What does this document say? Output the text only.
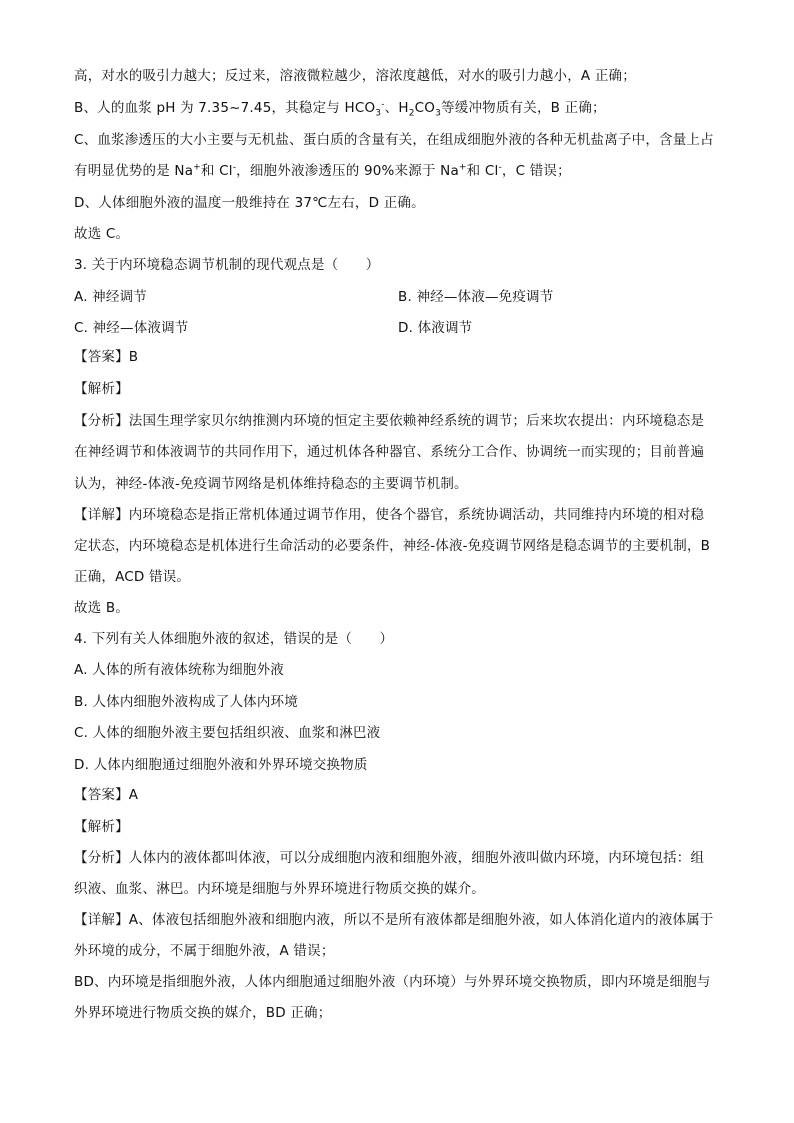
高，对水的吸引力越大；反过来，溶液微粒越少，溶浓度越低，对水的吸引力越小，A 正确；
B、人的血浆 pH 为 7.35~7.45，其稳定与 $HCO_3^-$、$H_2CO_3$等缓冲物质有关，B 正确；
C、血浆渗透压的大小主要与无机盐、蛋白质的含量有关，在组成细胞外液的各种无机盐离子中，含量上占
有明显优势的是 Na+和 Cl-，细胞外液渗透压的 90%来源于 Na+和 Cl-，C 错误；
D、人体细胞外液的温度一般维持在 37℃左右，D 正确。
故选 C。
3. 关于内环境稳态调节机制的现代观点是（　　）
A. 神经调节	B. 神经—体液—免疫调节
C. 神经—体液调节	D. 体液调节
【答案】B
【解析】
【分析】法国生理学家贝尔纳推测内环境的恒定主要依赖神经系统的调节；后来坎农提出：内环境稳态是
在神经调节和体液调节的共同作用下，通过机体各种器官、系统分工合作、协调统一而实现的；目前普遍
认为，神经-体液-免疫调节网络是机体维持稳态的主要调节机制。
【详解】内环境稳态是指正常机体通过调节作用，使各个器官，系统协调活动，共同维持内环境的相对稳
定状态，内环境稳态是机体进行生命活动的必要条件，神经-体液-免疫调节网络是稳态调节的主要机制，B
正确，ACD 错误。
故选 B。
4. 下列有关人体细胞外液的叙述，错误的是（　　）
A. 人体的所有液体统称为细胞外液
B. 人体内细胞外液构成了人体内环境
C. 人体的细胞外液主要包括组织液、血浆和淋巴液
D. 人体内细胞通过细胞外液和外界环境交换物质
【答案】A
【解析】
【分析】人体内的液体都叫体液，可以分成细胞内液和细胞外液，细胞外液叫做内环境，内环境包括：组
织液、血浆、淋巴。内环境是细胞与外界环境进行物质交换的媒介。
【详解】A、体液包括细胞外液和细胞内液，所以不是所有液体都是细胞外液，如人体消化道内的液体属于
外环境的成分，不属于细胞外液，A 错误；
BD、内环境是指细胞外液，人体内细胞通过细胞外液（内环境）与外界环境交换物质，即内环境是细胞与
外界环境进行物质交换的媒介，BD 正确；
